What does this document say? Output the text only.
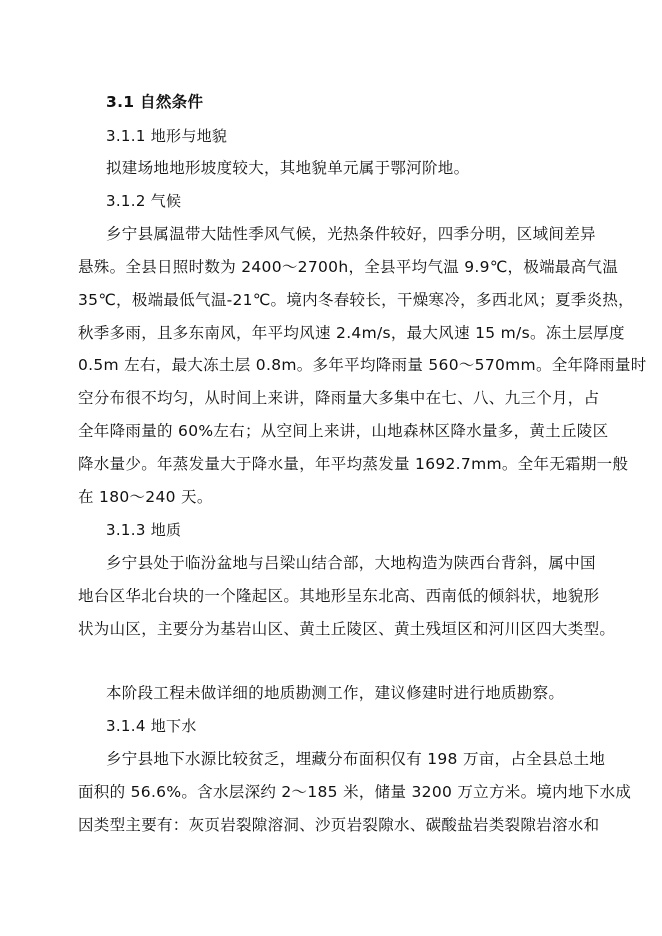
3.1 自然条件
3.1.1 地形与地貌
拟建场地地形坡度较大，其地貌单元属于鄂河阶地。
3.1.2 气候
乡宁县属温带大陆性季风气候，光热条件较好，四季分明，区域间差异
悬殊。全县日照时数为 2400～2700h，全县平均气温 9.9℃，极端最高气温
35℃，极端最低气温-21℃。境内冬春较长，干燥寒冷，多西北风；夏季炎热，
秋季多雨，且多东南风，年平均风速 2.4m/s，最大风速 15 m/s。冻土层厚度
0.5m 左右，最大冻土层 0.8m。多年平均降雨量 560～570mm。全年降雨量时
空分布很不均匀，从时间上来讲，降雨量大多集中在七、八、九三个月，占
全年降雨量的 60%左右；从空间上来讲，山地森林区降水量多，黄土丘陵区
降水量少。年蒸发量大于降水量，年平均蒸发量 1692.7mm。全年无霜期一般
在 180～240 天。
3.1.3 地质
乡宁县处于临汾盆地与吕梁山结合部，大地构造为陕西台背斜，属中国
地台区华北台块的一个隆起区。其地形呈东北高、西南低的倾斜状，地貌形
状为山区，主要分为基岩山区、黄土丘陵区、黄土残垣区和河川区四大类型。
本阶段工程未做详细的地质勘测工作，建议修建时进行地质勘察。
3.1.4 地下水
乡宁县地下水源比较贫乏，埋藏分布面积仅有 198 万亩，占全县总土地
面积的 56.6%。含水层深约 2～185 米，储量 3200 万立方米。境内地下水成
因类型主要有：灰页岩裂隙溶洞、沙页岩裂隙水、碳酸盐岩类裂隙岩溶水和
